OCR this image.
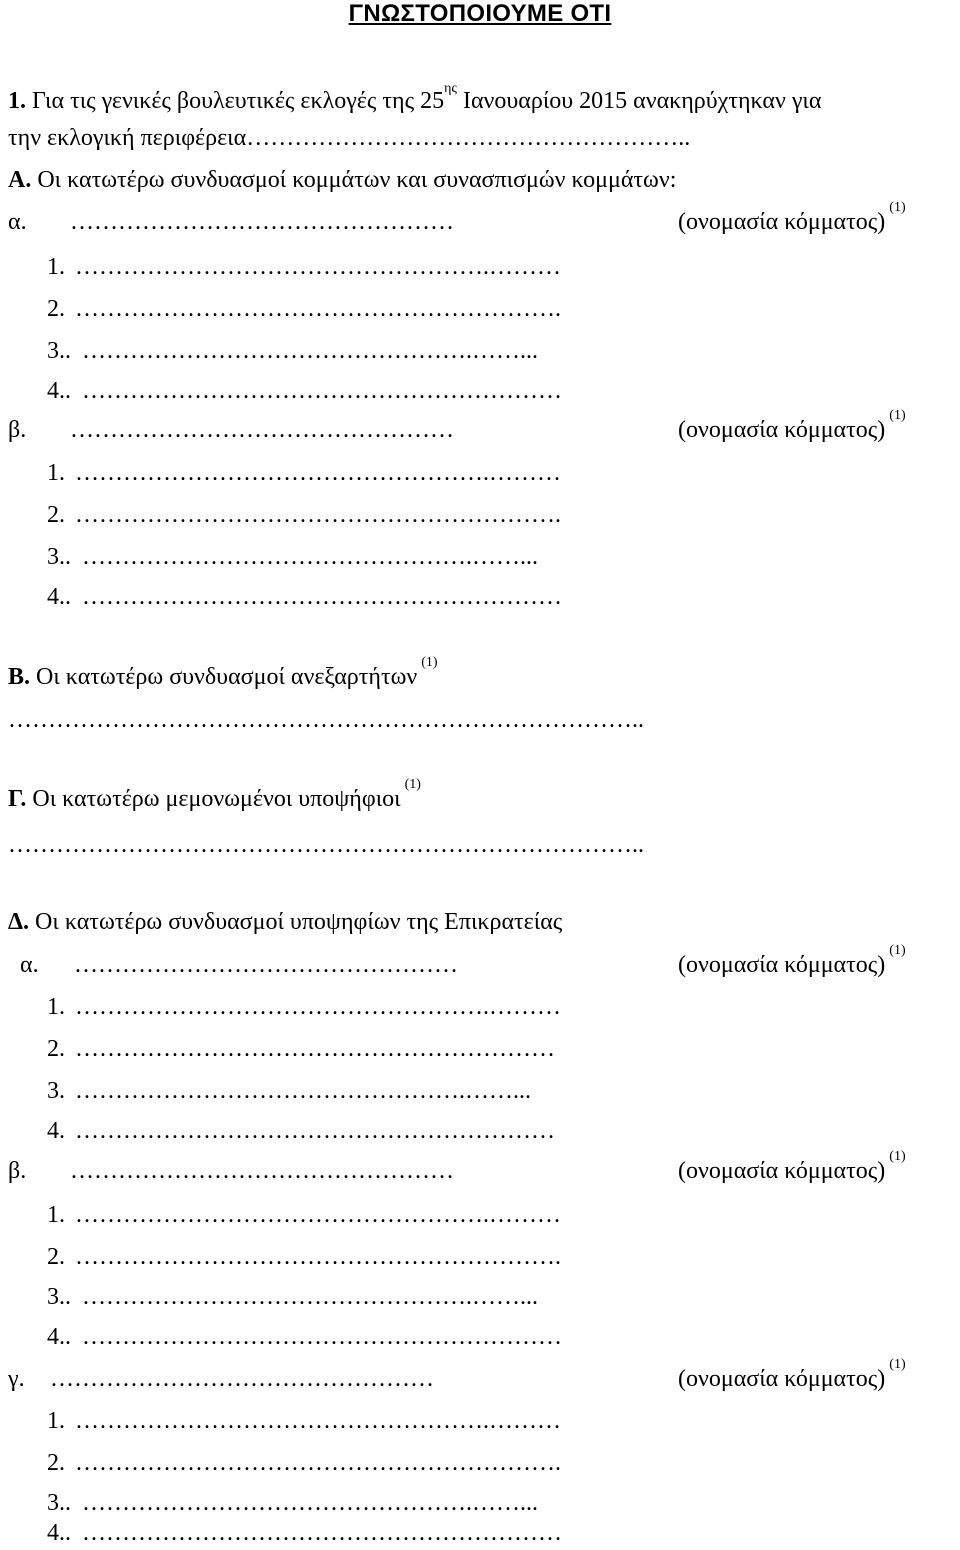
ΓΝΩΣΤΟΠΟΙΟΥΜΕ ΟΤΙ
1. Για τις γενικές βουλευτικές εκλογές της $25^{\eta\varsigma}$ Ιανουαρίου 2015 ανακηρύχτηκαν για
την εκλογική περιφέρεια………………………………………………..
Α. Οι κατωτέρω συνδυασμοί κομμάτων και συνασπισμών κομμάτων:
α. …………………………………………	(ονομασία κόμματος)$^{(1)}$
1. …………………………………………….………
2. …………………………………………………….
3.. ………………………………………….……...
4.. ……………………………………………………
β. …………………………………………	(ονομασία κόμματος)$^{(1)}$
1. …………………………………………….………
2. …………………………………………………….
3.. ………………………………………….……...
4.. ……………………………………………………
Β. Οι κατωτέρω συνδυασμοί ανεξαρτήτων$^{(1)}$
……………………………………………………………………..
Γ. Οι κατωτέρω μεμονωμένοι υποψήφιοι$^{(1)}$
……………………………………………………………………..
Δ. Οι κατωτέρω συνδυασμοί υποψηφίων της Επικρατείας
α. …………………………………………	(ονομασία κόμματος)$^{(1)}$
1. …………………………………………….………
2. ……………………………………………………
3. ………………………………………….……...
4. ……………………………………………………
β. …………………………………………	(ονομασία κόμματος)$^{(1)}$
1. …………………………………………….………
2. …………………………………………………….
3.. ………………………………………….……...
4.. ……………………………………………………
γ. …………………………………………	(ονομασία κόμματος)$^{(1)}$
1. …………………………………………….………
2. …………………………………………………….
3.. ………………………………………….……...
4.. ……………………………………………………
